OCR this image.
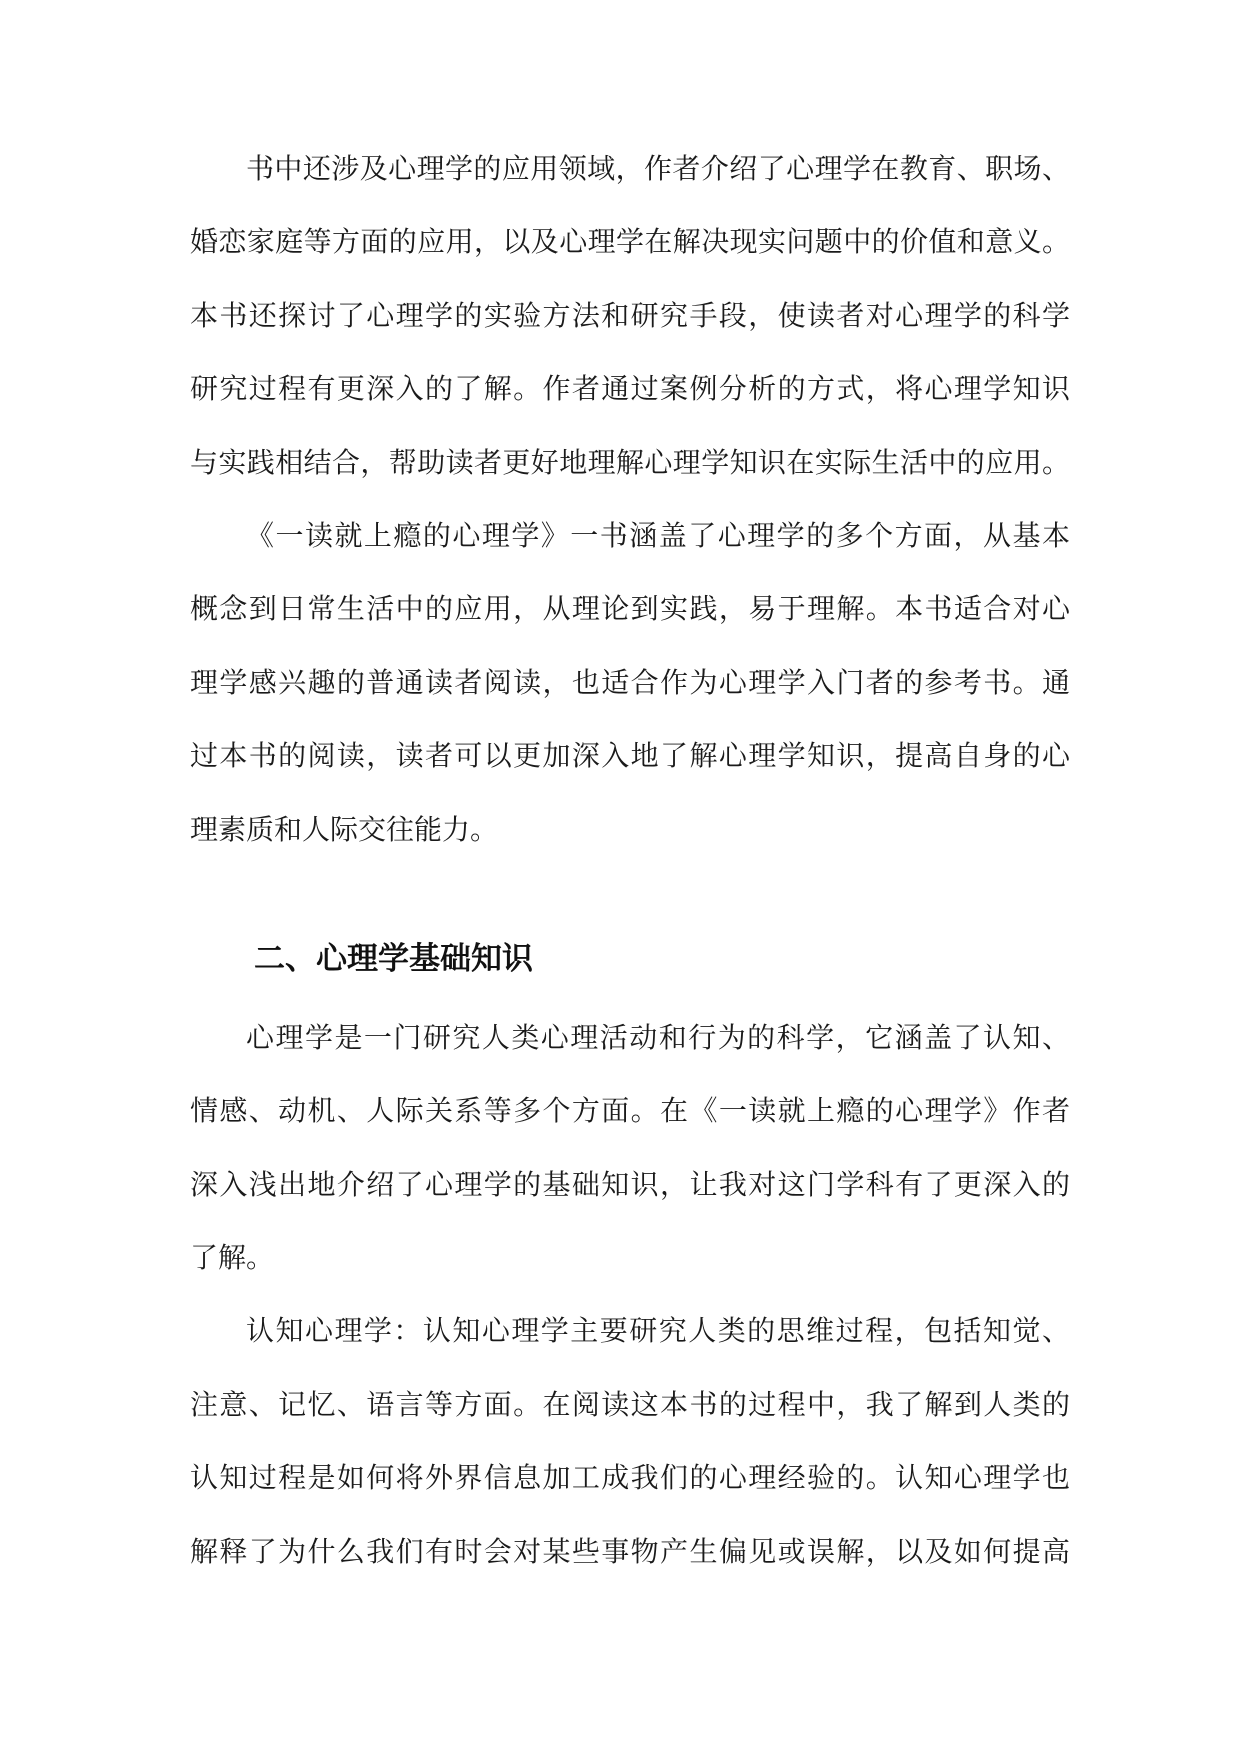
书中还涉及心理学的应用领域，作者介绍了心理学在教育、职场、
婚恋家庭等方面的应用，以及心理学在解决现实问题中的价值和意义。
本书还探讨了心理学的实验方法和研究手段，使读者对心理学的科学
研究过程有更深入的了解。作者通过案例分析的方式，将心理学知识
与实践相结合，帮助读者更好地理解心理学知识在实际生活中的应用。
《一读就上瘾的心理学》一书涵盖了心理学的多个方面，从基本
概念到日常生活中的应用，从理论到实践，易于理解。本书适合对心
理学感兴趣的普通读者阅读，也适合作为心理学入门者的参考书。通
过本书的阅读，读者可以更加深入地了解心理学知识，提高自身的心
理素质和人际交往能力。
二、心理学基础知识
心理学是一门研究人类心理活动和行为的科学，它涵盖了认知、
情感、动机、人际关系等多个方面。在《一读就上瘾的心理学》作者
深入浅出地介绍了心理学的基础知识，让我对这门学科有了更深入的
了解。
认知心理学：认知心理学主要研究人类的思维过程，包括知觉、
注意、记忆、语言等方面。在阅读这本书的过程中，我了解到人类的
认知过程是如何将外界信息加工成我们的心理经验的。认知心理学也
解释了为什么我们有时会对某些事物产生偏见或误解，以及如何提高
